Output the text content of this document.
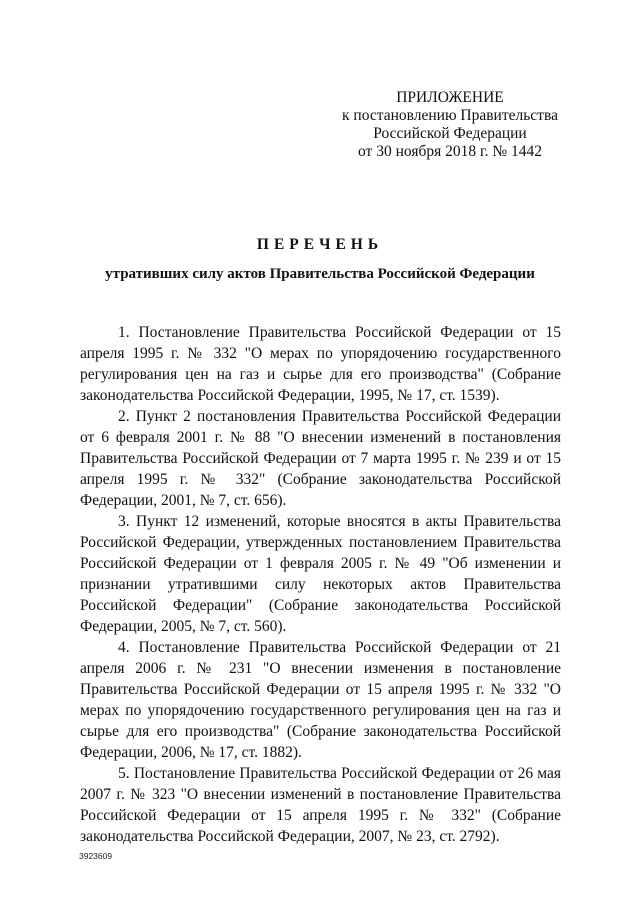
ПРИЛОЖЕНИЕ
к постановлению Правительства
Российской Федерации
от 30 ноября 2018 г. № 1442
ПЕРЕЧЕНЬ
утративших силу актов Правительства Российской Федерации

1. Постановление Правительства Российской Федерации от 15 апреля 1995 г. № 332 "О мерах по упорядочению государственного регулирования цен на газ и сырье для его производства" (Собрание законодательства Российской Федерации, 1995, № 17, ст. 1539).

2. Пункт 2 постановления Правительства Российской Федерации от 6 февраля 2001 г. № 88 "О внесении изменений в постановления Правительства Российской Федерации от 7 марта 1995 г. № 239 и от 15 апреля 1995 г. № 332" (Собрание законодательства Российской Федерации, 2001, № 7, ст. 656).

3. Пункт 12 изменений, которые вносятся в акты Правительства Российской Федерации, утвержденных постановлением Правительства Российской Федерации от 1 февраля 2005 г. № 49 "Об изменении и признании утратившими силу некоторых актов Правительства Российской Федерации" (Собрание законодательства Российской Федерации, 2005, № 7, ст. 560).

4. Постановление Правительства Российской Федерации от 21 апреля 2006 г. № 231 "О внесении изменения в постановление Правительства Российской Федерации от 15 апреля 1995 г. № 332 "О мерах по упорядочению государственного регулирования цен на газ и сырье для его производства" (Собрание законодательства Российской Федерации, 2006, № 17, ст. 1882).

5. Постановление Правительства Российской Федерации от 26 мая 2007 г. № 323 "О внесении изменений в постановление Правительства Российской Федерации от 15 апреля 1995 г. № 332" (Собрание законодательства Российской Федерации, 2007, № 23, ст. 2792).

3923609
